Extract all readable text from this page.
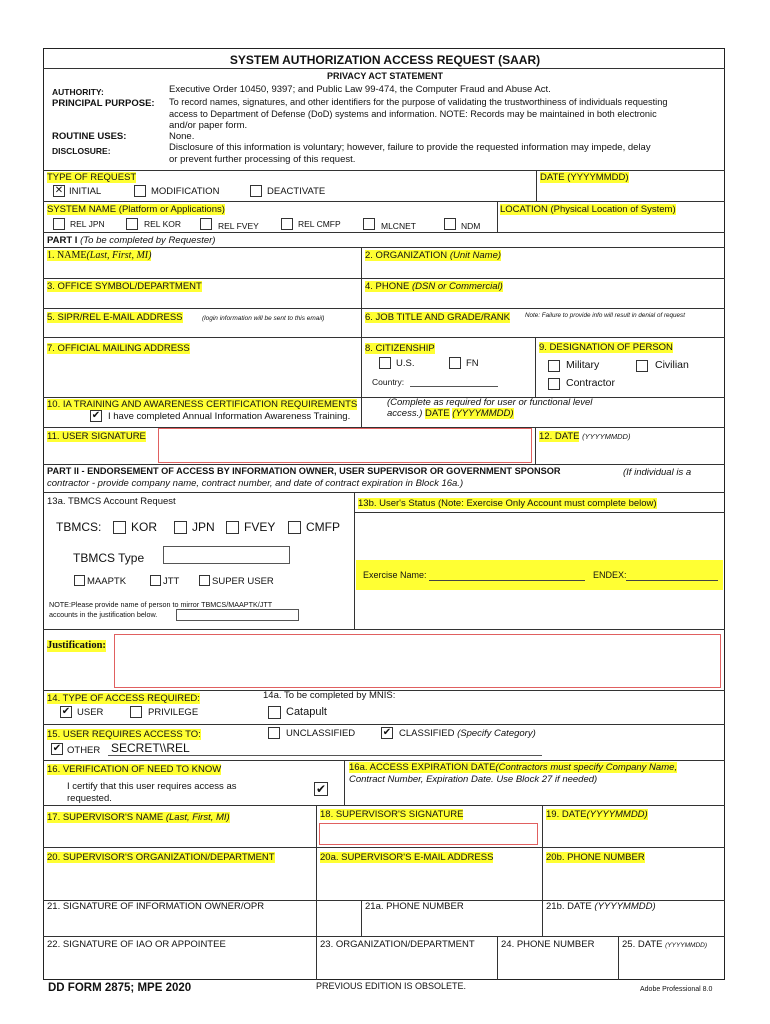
SYSTEM AUTHORIZATION ACCESS REQUEST (SAAR)
PRIVACY ACT STATEMENT
AUTHORITY:	Executive Order 10450, 9397; and Public Law 99-474, the Computer Fraud and Abuse Act.
PRINCIPAL PURPOSE: To record names, signatures, and other identifiers for the purpose of validating the trustworthiness of individuals requesting
access to Department of Defense (DoD) systems and information. NOTE: Records may be maintained in both electronic
and/or paper form.
ROUTINE USES:	None.
DISCLOSURE:	Disclosure of this information is voluntary; however, failure to provide the requested information may impede, delay
or prevent further processing of this request.
TYPE OF REQUEST	DATE (YYYYMMDD)
✕ INITIAL	MODIFICATION	DEACTIVATE
SYSTEM NAME (Platform or Applications)	LOCATION (Physical Location of System)
REL JPN	REL KOR	REL FVEY	REL CMFP	MLCNET	NDM
PART I (To be completed by Requester)
1. NAME(Last, First, MI)	2. ORGANIZATION (Unit Name)
3. OFFICE SYMBOL/DEPARTMENT	4. PHONE (DSN or Commercial)
5. SIPR/REL E-MAIL ADDRESS	(login information will be sent to this email)	6. JOB TITLE AND GRADE/RANK Note: Failure to provide info will result in denial of request
7. OFFICIAL MAILING ADDRESS	8. CITIZENSHIP
U.S.	FN
Country:
9. DESIGNATION OF PERSON
Military	Civilian
Contractor
10. IA TRAINING AND AWARENESS CERTIFICATION REQUIREMENTS	(Complete as required for user or functional level
access.) DATE (YYYYMMDD)
✔ I have completed Annual Information Awareness Training.
11. USER SIGNATURE	12. DATE (YYYYMMDD)
PART II - ENDORSEMENT OF ACCESS BY INFORMATION OWNER, USER SUPERVISOR OR GOVERNMENT SPONSOR	(If individual is a
contractor - provide company name, contract number, and date of contract expiration in Block 16a.)
13a. TBMCS Account Request	13b. User's Status (Note: Exercise Only Account must complete below)
TBMCS: KOR	JPN FVEY	CMFP
TBMCS Type
MAAPTK	JTT	SUPER USER
Exercise Name:	ENDEX:
NOTE:Please provide name of person to mirror TBMCS/MAAPTK/JTT
accounts in the justification below.
Justification:
14. TYPE OF ACCESS REQUIRED:
✔ USER	PRIVILEGE
14a. To be completed by MNIS:
Catapult
15. USER REQUIRES ACCESS TO:	UNCLASSIFIED	✔ CLASSIFIED (Specify Category)
✔ OTHER SECRET\\REL
16. VERIFICATION OF NEED TO KNOW
I certify that this user requires access as
requested.
✔
16a. ACCESS EXPIRATION DATE(Contractors must specify Company Name,
Contract Number, Expiration Date. Use Block 27 if needed)
17. SUPERVISOR'S NAME (Last, First, MI)	18. SUPERVISOR'S SIGNATURE	19. DATE(YYYYMMDD)
20. SUPERVISOR'S ORGANIZATION/DEPARTMENT	20a. SUPERVISOR'S E-MAIL ADDRESS	20b. PHONE NUMBER
21. SIGNATURE OF INFORMATION OWNER/OPR	21a. PHONE NUMBER	21b. DATE (YYYYMMDD)
22. SIGNATURE OF IAO OR APPOINTEE	23. ORGANIZATION/DEPARTMENT	24. PHONE NUMBER	25. DATE (YYYYMMDD)
DD FORM 2875; MPE 2020	PREVIOUS EDITION IS OBSOLETE.	Adobe Professional 8.0
